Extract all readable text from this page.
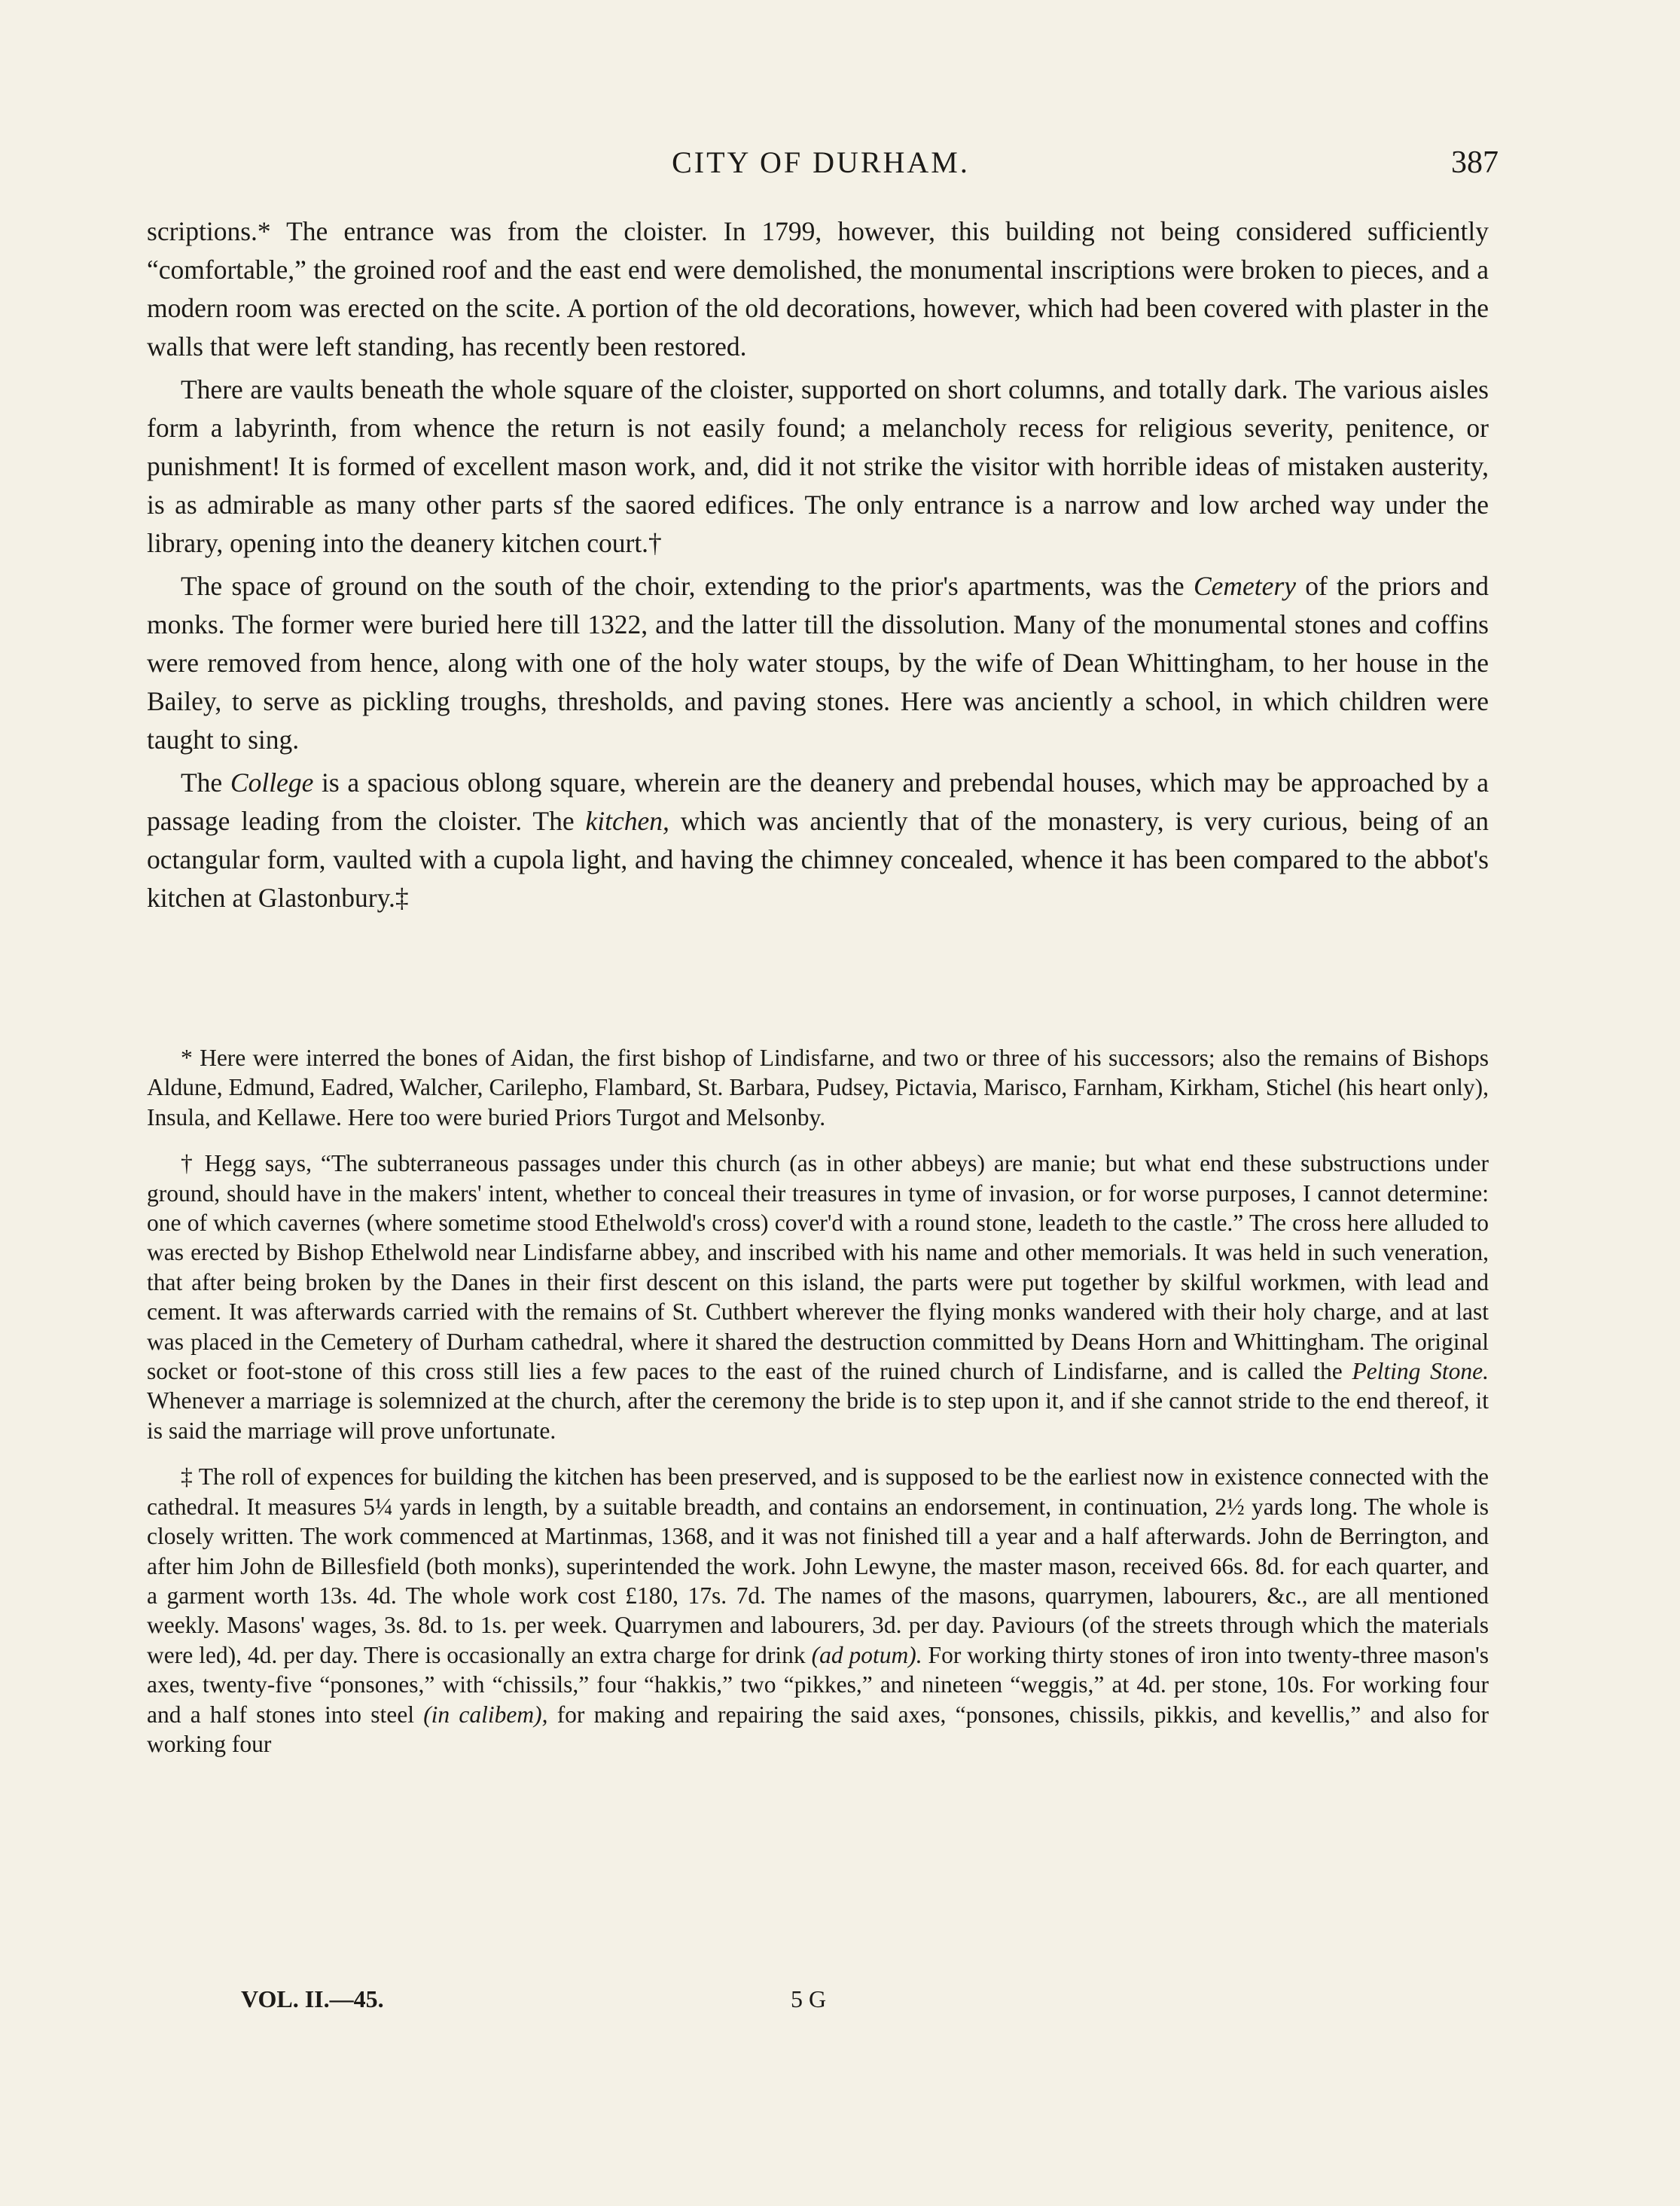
CITY OF DURHAM.	387

scriptions.* The entrance was from the cloister. In 1799, however, this building not being considered sufficiently “comfortable,” the groined roof and the east end were demolished, the monumental inscriptions were broken to pieces, and a modern room was erected on the scite. A portion of the old decorations, however, which had been covered with plaster in the walls that were left standing, has recently been restored.

There are vaults beneath the whole square of the cloister, supported on short columns, and totally dark. The various aisles form a labyrinth, from whence the return is not easily found; a melancholy recess for religious severity, penitence, or punishment! It is formed of excellent mason work, and, did it not strike the visitor with horrible ideas of mistaken austerity, is as admirable as many other parts sf the saored edifices. The only entrance is a narrow and low arched way under the library, opening into the deanery kitchen court.†

The space of ground on the south of the choir, extending to the prior's apartments, was the Cemetery of the priors and monks. The former were buried here till 1322, and the latter till the dissolution. Many of the monumental stones and coffins were removed from hence, along with one of the holy water stoups, by the wife of Dean Whittingham, to her house in the Bailey, to serve as pickling troughs, thresholds, and paving stones. Here was anciently a school, in which children were taught to sing.

The College is a spacious oblong square, wherein are the deanery and prebendal houses, which may be approached by a passage leading from the cloister. The kitchen, which was anciently that of the monastery, is very curious, being of an octangular form, vaulted with a cupola light, and having the chimney concealed, whence it has been compared to the abbot's kitchen at Glastonbury.‡

* Here were interred the bones of Aidan, the first bishop of Lindisfarne, and two or three of his successors; also the remains of Bishops Aldune, Edmund, Eadred, Walcher, Carilepho, Flambard, St. Barbara, Pudsey, Pictavia, Marisco, Farnham, Kirkham, Stichel (his heart only), Insula, and Kellawe. Here too were buried Priors Turgot and Melsonby.

† Hegg says, “The subterraneous passages under this church (as in other abbeys) are manie; but what end these substructions under ground, should have in the makers' intent, whether to conceal their treasures in tyme of invasion, or for worse purposes, I cannot determine: one of which cavernes (where sometime stood Ethelwold's cross) cover'd with a round stone, leadeth to the castle.” The cross here alluded to was erected by Bishop Ethelwold near Lindisfarne abbey, and inscribed with his name and other memorials. It was held in such veneration, that after being broken by the Danes in their first descent on this island, the parts were put together by skilful workmen, with lead and cement. It was afterwards carried with the remains of St. Cuthbert wherever the flying monks wandered with their holy charge, and at last was placed in the Cemetery of Durham cathedral, where it shared the destruction committed by Deans Horn and Whittingham. The original socket or foot-stone of this cross still lies a few paces to the east of the ruined church of Lindisfarne, and is called the Pelting Stone. Whenever a marriage is solemnized at the church, after the ceremony the bride is to step upon it, and if she cannot stride to the end thereof, it is said the marriage will prove unfortunate.

‡ The roll of expences for building the kitchen has been preserved, and is supposed to be the earliest now in existence connected with the cathedral. It measures 5¼ yards in length, by a suitable breadth, and contains an endorsement, in continuation, 2½ yards long. The whole is closely written. The work commenced at Martinmas, 1368, and it was not finished till a year and a half afterwards. John de Berrington, and after him John de Billesfield (both monks), superintended the work. John Lewyne, the master mason, received 66s. 8d. for each quarter, and a garment worth 13s. 4d. The whole work cost £180, 17s. 7d. The names of the masons, quarrymen, labourers, &c., are all mentioned weekly. Masons' wages, 3s. 8d. to 1s. per week. Quarrymen and labourers, 3d. per day. Paviours (of the streets through which the materials were led), 4d. per day. There is occasionally an extra charge for drink (ad potum). For working thirty stones of iron into twenty-three mason's axes, twenty-five “ponsones,” with “chissils,” four “hakkis,” two “pikkes,” and nineteen “weggis,” at 4d. per stone, 10s. For working four and a half stones into steel (in calibem), for making and repairing the said axes, “ponsones, chissils, pikkis, and kevellis,” and also for working four

VOL. II.—45.	5 G
